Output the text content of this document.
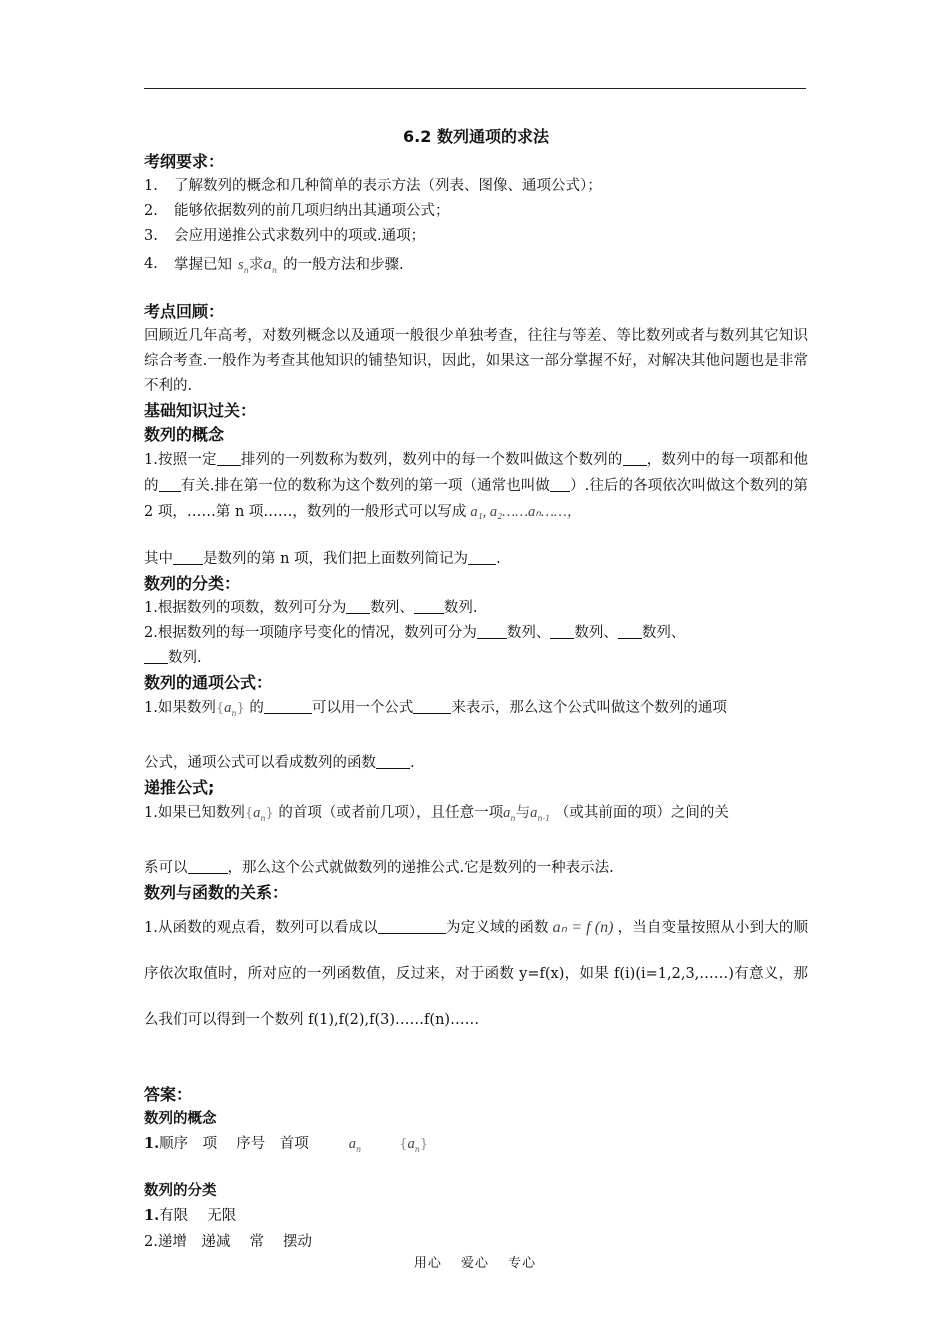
6.2 数列通项的求法
考纲要求：
1.	了解数列的概念和几种简单的表示方法（列表、图像、通项公式）；
2.	能够依据数列的前几项归纳出其通项公式；
3.	会应用递推公式求数列中的项或.通项；
4.	掌握已知 $s_n$求$a_n$ 的一般方法和步骤.
考点回顾：

回顾近几年高考，对数列概念以及通项一般很少单独考查，往往与等差、等比数列或者与数列其它知识综合考查.一般作为考查其他知识的铺垫知识，因此，如果这一部分掌握不好，对解决其他问题也是非常不利的.

基础知识过关：
数列的概念

1.按照一定 排列的一列数称为数列，数列中的每一个数叫做这个数列的 ，数列中的每一项都和他的 有关.排在第一位的数称为这个数列的第一项（通常也叫做 ）.往后的各项依次叫做这个数列的第 2 项，……第 n 项……，数列的一般形式可以写成 a₁, a₂……aₙ……，

其中 是数列的第 n 项，我们把上面数列简记为 .

数列的分类：

1.根据数列的项数，数列可分为 数列、 数列.

2.根据数列的每一项随序号变化的情况，数列可分为 数列、 数列、 数列、
数列.

数列的通项公式：

1.如果数列$\{a_n\}$ 的	可以用一个公式	来表示，那么这个公式叫做这个数列的通项

公式，通项公式可以看成数列的函数 .

递推公式;

1.如果已知数列$\{a_n\}$ 的首项（或者前几项），且任意一项$a_n$与$a_{n-1}$ （或其前面的项）之间的关

系可以	，那么这个公式就做数列的递推公式.它是数列的一种表示法.

数列与函数的关系：

1.从函数的观点看，数列可以看成以	为定义域的函数 aₙ = f (n) ，当自变量按照从小到大的顺序依次取值时，所对应的一列函数值，反过来，对于函数 y=f(x)，如果 f(i)(i=1,2,3,……)有意义，那么我们可以得到一个数列 f(1),f(2),f(3)……f(n)……

答案：
数列的概念
1.顺序　项　 序号　首项	$a_n$	$\{a_n\}$
数列的分类
1.有限　 无限
2.递增　递减　 常　 摆动
用心 爱心 专心
